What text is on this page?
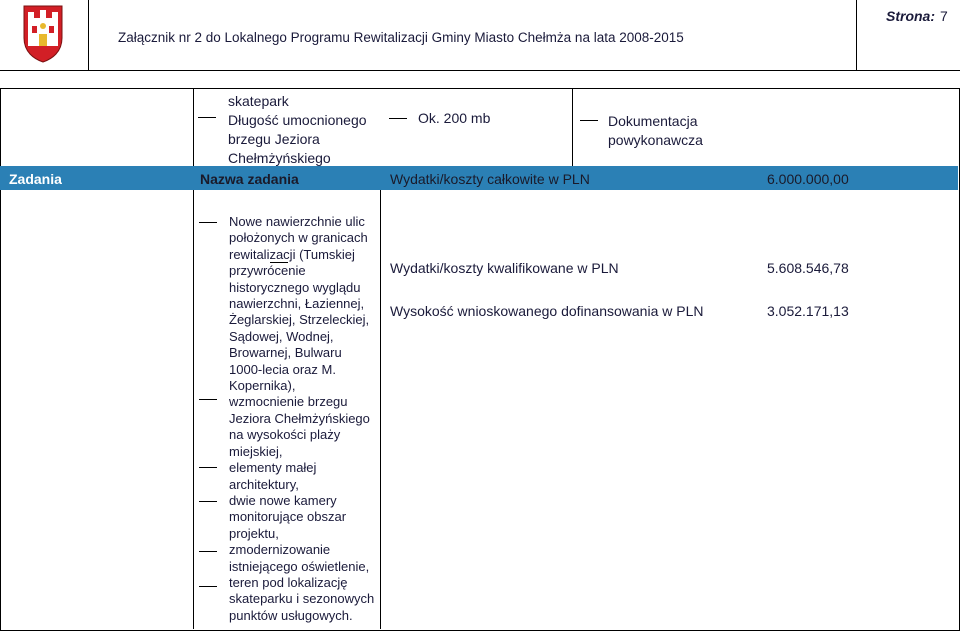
Załącznik nr 2 do Lokalnego Programu Rewitalizacji Gminy Miasto Chełmża na lata 2008-2015
Strona: 7
skatepark
Długość umocnionego
brzegu Jeziora
Chełmżyńskiego
Ok. 200 mb	Dokumentacja
powykonawcza
Zadania	Nazwa zadania	Wydatki/koszty całkowite w PLN	6.000.000,00
Nowe nawierzchnie ulic
położonych w granicach
rewitalizacji (Tumskiej
przywrócenie
historycznego wyglądu
nawierzchni, Łaziennej,
Żeglarskiej, Strzeleckiej,
Sądowej, Wodnej,
Browarnej, Bulwaru
1000-lecia oraz M.
Kopernika),
wzmocnienie brzegu
Jeziora Chełmżyńskiego
na wysokości plaży
miejskiej,
elementy małej
architektury,
dwie nowe kamery
monitorujące obszar
projektu,
zmodernizowanie
istniejącego oświetlenie,
teren pod lokalizację
skateparku i sezonowych
punktów usługowych.
Wydatki/koszty kwalifikowane w PLN	5.608.546,78
Wysokość wnioskowanego dofinansowania w PLN	3.052.171,13
